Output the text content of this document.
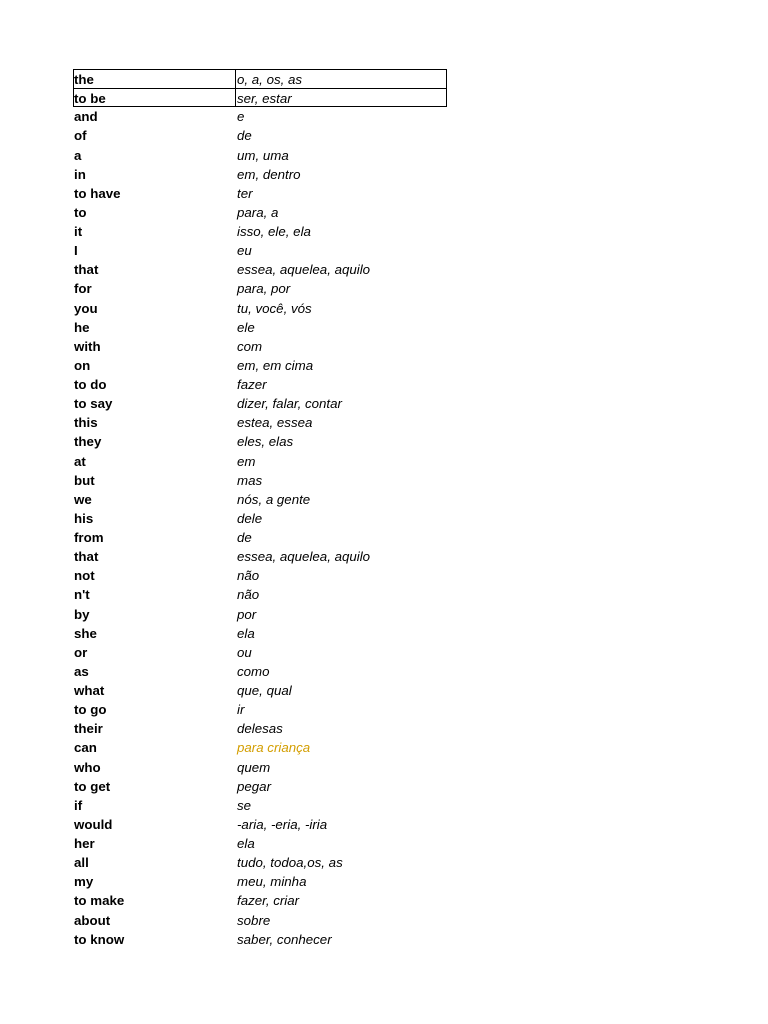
the	o, a, os, as
to be	ser, estar
and	e
of	de
a	um, uma
in	em, dentro
to have	ter
to	para, a
it	isso, ele, ela
I	eu
that	essea, aquelea, aquilo
for	para, por
you	tu, você, vós
he	ele
with	com
on	em, em cima
to do	fazer
to say	dizer, falar, contar
this	estea, essea
they	eles, elas
at	em
but	mas
we	nós, a gente
his	dele
from	de
that	essea, aquelea, aquilo
not	não
n't	não
by	por
she	ela
or	ou
as	como
what	que, qual
to go	ir
their	delesas
can	para criança
who	quem
to get	pegar
if	se
would	-aria, -eria, -iria
her	ela
all	tudo, todoa,os, as
my	meu, minha
to make	fazer, criar
about	sobre
to know	saber, conhecer
